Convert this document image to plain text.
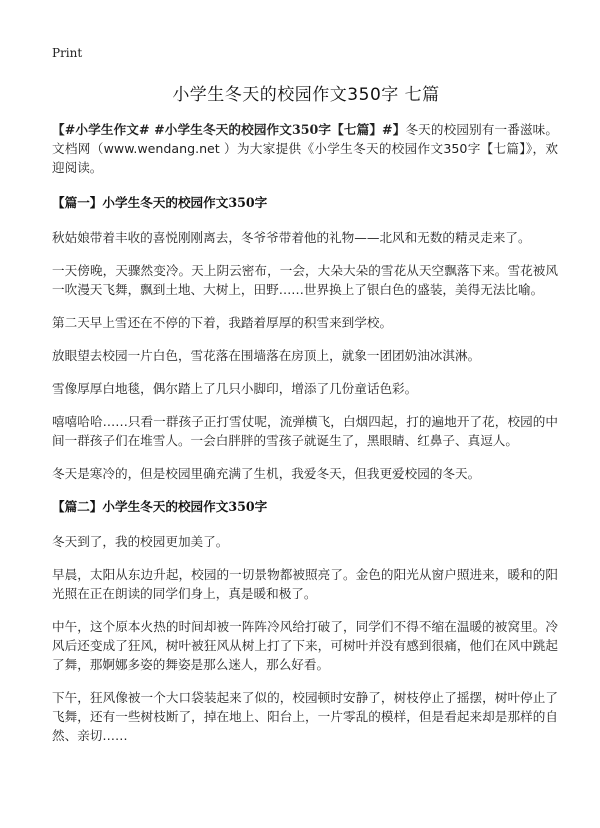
Print
小学生冬天的校园作文350字 七篇

【#小学生作文# #小学生冬天的校园作文350字【七篇】#】冬天的校园别有一番滋味。文档网（www.wendang.net ）为大家提供《小学生冬天的校园作文350字【七篇】》，欢迎阅读。

【篇一】小学生冬天的校园作文350字

秋姑娘带着丰收的喜悦刚刚离去，冬爷爷带着他的礼物——北风和无数的精灵走来了。

一天傍晚，天骤然变冷。天上阴云密布，一会，大朵大朵的雪花从天空飘落下来。雪花被风一吹漫天飞舞，飘到土地、大树上，田野……世界换上了银白色的盛装，美得无法比喻。

第二天早上雪还在不停的下着，我踏着厚厚的积雪来到学校。

放眼望去校园一片白色，雪花落在围墙落在房顶上，就象一团团奶油冰淇淋。

雪像厚厚白地毯，偶尔踏上了几只小脚印，增添了几份童话色彩。

嘻嘻哈哈……只看一群孩子正打雪仗呢，流弹横飞，白烟四起，打的遍地开了花，校园的中间一群孩子们在堆雪人。一会白胖胖的雪孩子就诞生了，黑眼睛、红鼻子、真逗人。

冬天是寒冷的，但是校园里确充满了生机，我爱冬天，但我更爱校园的冬天。

【篇二】小学生冬天的校园作文350字

冬天到了，我的校园更加美了。

早晨，太阳从东边升起，校园的一切景物都被照亮了。金色的阳光从窗户照进来，暖和的阳光照在正在朗读的同学们身上，真是暖和极了。

中午，这个原本火热的时间却被一阵阵冷风给打破了，同学们不得不缩在温暖的被窝里。冷风后还变成了狂风，树叶被狂风从树上打了下来，可树叶并没有感到很痛，他们在风中跳起了舞，那婀娜多姿的舞姿是那么迷人，那么好看。

下午，狂风像被一个大口袋装起来了似的，校园顿时安静了，树枝停止了摇摆，树叶停止了飞舞，还有一些树枝断了，掉在地上、阳台上，一片零乱的模样，但是看起来却是那样的自然、亲切……
